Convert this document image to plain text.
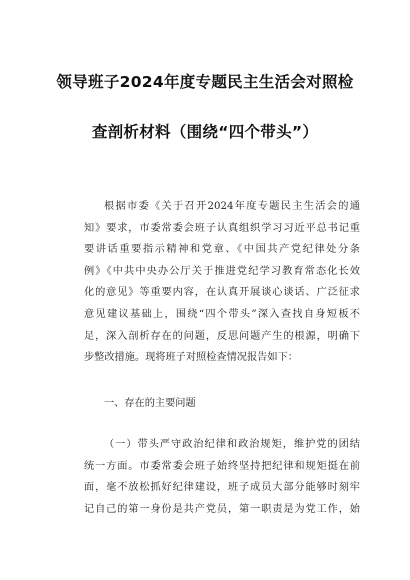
领导班子2024年度专题民主生活会对照检
查剖析材料（围绕“四个带头”）
根据市委《关于召开2024年度专题民主生活会的通
知》要求，市委常委会班子认真组织学习习近平总书记重
要讲话重要指示精神和党章、《中国共产党纪律处分条
例》《中共中央办公厅关于推进党纪学习教育常态化长效
化的意见》等重要内容，在认真开展谈心谈话、广泛征求
意见建议基础上，围绕“四个带头”深入查找自身短板不
足，深入剖析存在的问题，反思问题产生的根源，明确下
步整改措施。现将班子对照检查情况报告如下：
一、存在的主要问题
（一）带头严守政治纪律和政治规矩，维护党的团结
统一方面。市委常委会班子始终坚持把纪律和规矩挺在前
面，毫不放松抓好纪律建设，班子成员大部分能够时刻牢
记自己的第一身份是共产党员，第一职责是为党工作，始
